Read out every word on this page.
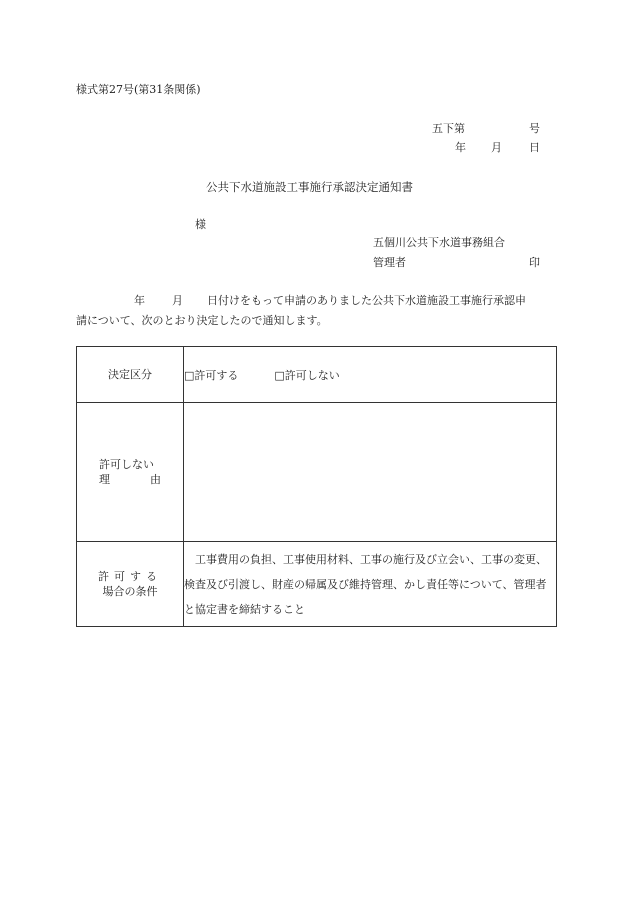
様式第27号(第31条関係)
五下第	号
年 月 日
公共下水道施設工事施行承認決定通知書
様
五個川公共下水道事務組合
管理者	印
年 月 日付けをもって申請のありました公共下水道施設工事施行承認申
請について、次のとおり決定したので通知します。
決定区分	□許可する □許可しない

許可しない
理 由	

許可する
場合の条件	工事費用の負担、工事使用材料、工事の施行及び立会い、工事の変更、検査及び引渡し、財産の帰属及び維持管理、かし責任等について、管理者と協定書を締結すること
